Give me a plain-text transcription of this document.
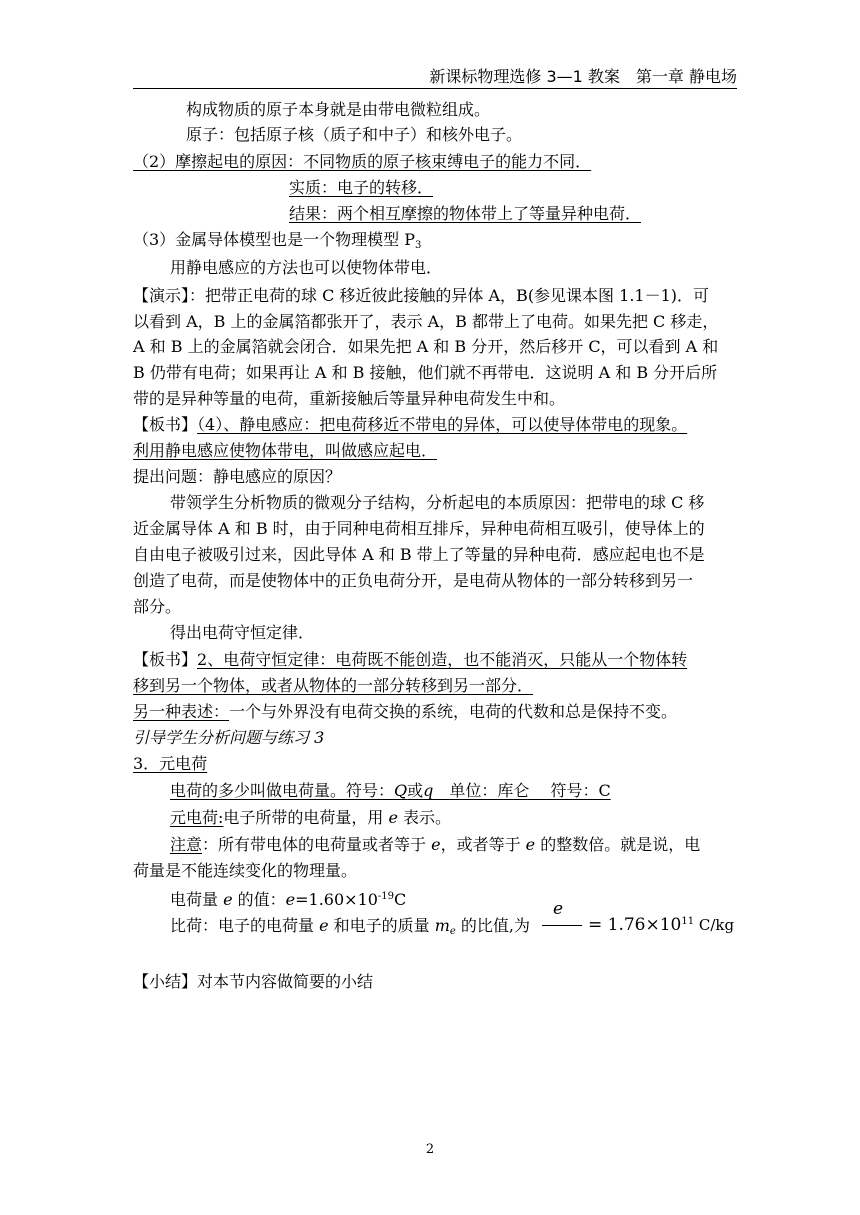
新课标物理选修 3—1 教案　第一章 静电场
构成物质的原子本身就是由带电微粒组成。
原子：包括原子核（质子和中子）和核外电子。
（2）摩擦起电的原因：不同物质的原子核束缚电子的能力不同．
实质：电子的转移．
结果：两个相互摩擦的物体带上了等量异种电荷．
（3）金属导体模型也是一个物理模型 $P_3$
用静电感应的方法也可以使物体带电．
【演示】：把带正电荷的球 C 移近彼此接触的异体 A，B(参见课本图 1.1－1)．可
以看到 A，B 上的金属箔都张开了，表示 A，B 都带上了电荷。如果先把 C 移走，
A 和 B 上的金属箔就会闭合．如果先把 A 和 B 分开，然后移开 C，可以看到 A 和
B 仍带有电荷；如果再让 A 和 B 接触，他们就不再带电．这说明 A 和 B 分开后所
带的是异种等量的电荷，重新接触后等量异种电荷发生中和。
【板书】（4）、静电感应：把电荷移近不带电的异体，可以使导体带电的现象。
利用静电感应使物体带电，叫做感应起电．
提出问题：静电感应的原因？
带领学生分析物质的微观分子结构，分析起电的本质原因：把带电的球 C 移
近金属导体 A 和 B 时，由于同种电荷相互排斥，异种电荷相互吸引，使导体上的
自由电子被吸引过来，因此导体 A 和 B 带上了等量的异种电荷．感应起电也不是
创造了电荷，而是使物体中的正负电荷分开，是电荷从物体的一部分转移到另一
部分。
得出电荷守恒定律．
【板书】2、电荷守恒定律：电荷既不能创造，也不能消灭，只能从一个物体转
移到另一个物体，或者从物体的一部分转移到另一部分．
另一种表述：一个与外界没有电荷交换的系统，电荷的代数和总是保持不变。
引导学生分析问题与练习 3
3．元电荷
电荷的多少叫做电荷量。符号：Q或q　单位：库仑　 符号：C
元电荷:电子所带的电荷量，用 e 表示。
注意：所有带电体的电荷量或者等于 e，或者等于 e 的整数倍。就是说，电
荷量是不能连续变化的物理量。
电荷量 e 的值：$e=1.60\times 10^{-19}C$
比荷：电子的电荷量 e 和电子的质量 $m_e$ 的比值,为
e
= $1.76\times 10^{11}$ C/kg
【小结】对本节内容做简要的小结
2
